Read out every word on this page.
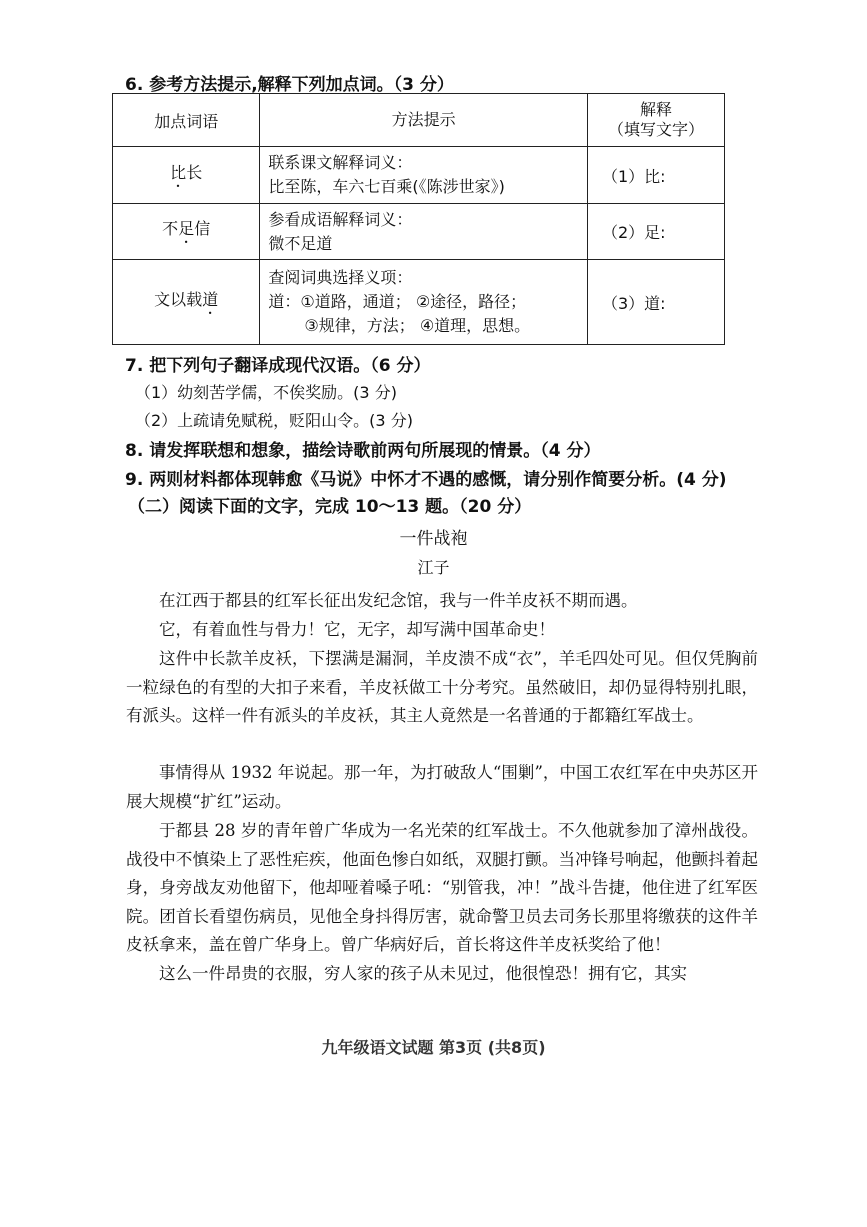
6. 参考方法提示,解释下列加点词。（3 分）
加点词语	方法提示	解释
（填写文字）

比长	联系课文解释词义：
比至陈，车六七百乘(《陈涉世家》)	（1）比:
不足信	参看成语解释词义：
微不足道	（2）足:
文以载道	查阅词典选择义项：
道：①道路，通道； ②途径，路径；
③规律，方法； ④道理，思想。	（3）道:
7. 把下列句子翻译成现代汉语。（6 分）
（1）幼刻苦学儒，不俟奖励。(3 分)
（2）上疏请免赋税，贬阳山令。(3 分)
8. 请发挥联想和想象，描绘诗歌前两句所展现的情景。（4 分）
9. 两则材料都体现韩愈《马说》中怀才不遇的感慨，请分别作简要分析。(4 分)
（二）阅读下面的文字，完成 10～13 题。（20 分）
一件战袍
江子

在江西于都县的红军长征出发纪念馆，我与一件羊皮袄不期而遇。

它，有着血性与骨力！它，无字，却写满中国革命史！

这件中长款羊皮袄，下摆满是漏洞，羊皮溃不成“衣”，羊毛四处可见。但仅凭胸前一粒绿色的有型的大扣子来看，羊皮袄做工十分考究。虽然破旧，却仍显得特别扎眼，有派头。这样一件有派头的羊皮袄，其主人竟然是一名普通的于都籍红军战士。

事情得从 1932 年说起。那一年，为打破敌人“围剿”，中国工农红军在中央苏区开展大规模“扩红”运动。

于都县 28 岁的青年曾广华成为一名光荣的红军战士。不久他就参加了漳州战役。战役中不慎染上了恶性疟疾，他面色惨白如纸，双腿打颤。当冲锋号响起，他颤抖着起身，身旁战友劝他留下，他却哑着嗓子吼：“别管我，冲！”战斗告捷，他住进了红军医院。团首长看望伤病员，见他全身抖得厉害，就命警卫员去司务长那里将缴获的这件羊皮袄拿来，盖在曾广华身上。曾广华病好后，首长将这件羊皮袄奖给了他！

这么一件昂贵的衣服，穷人家的孩子从未见过，他很惶恐！拥有它，其实

九年级语文试题 第3页 (共8页)
